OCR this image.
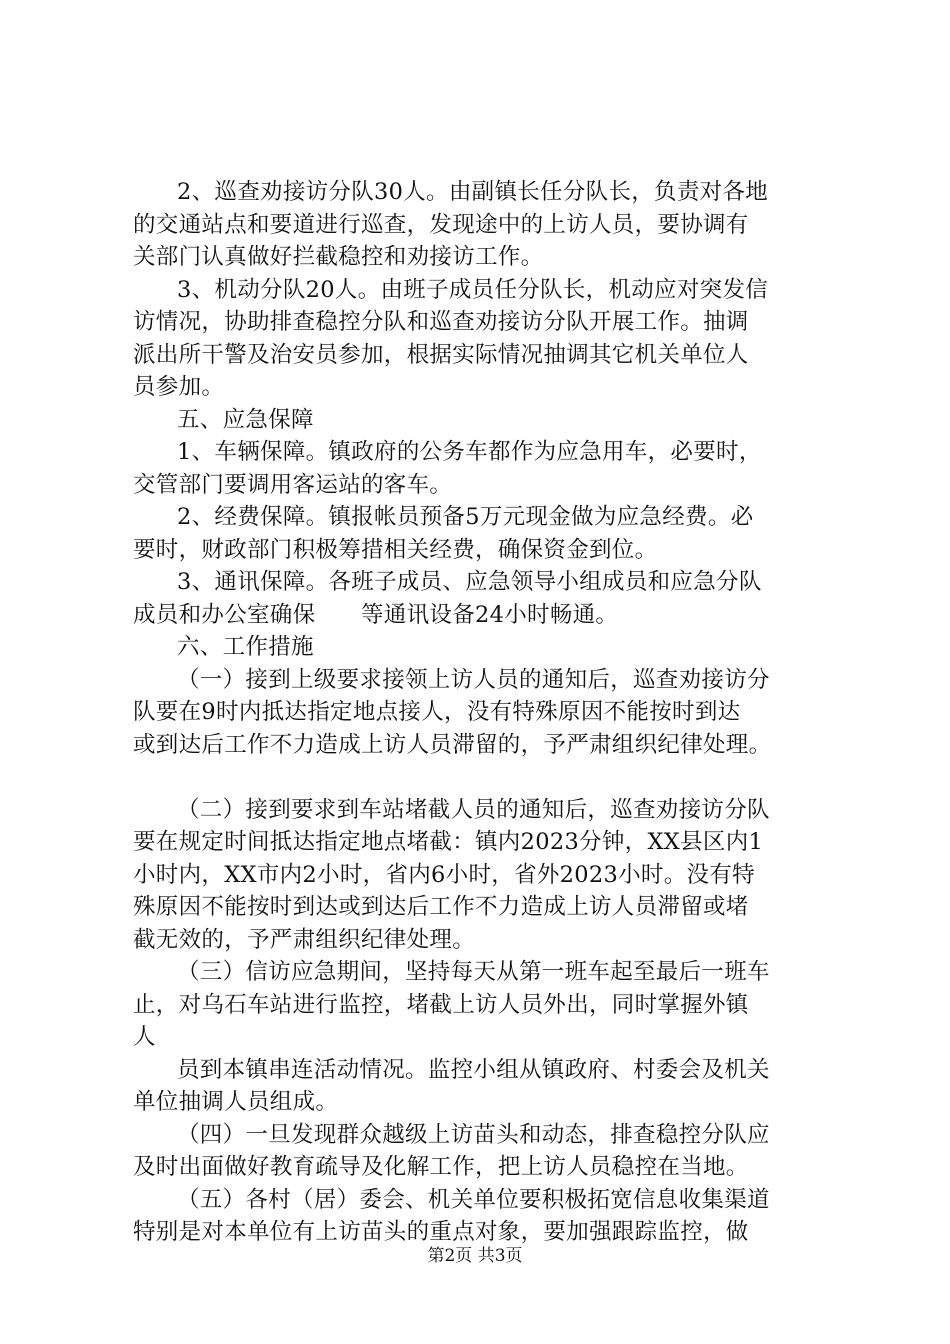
2、巡查劝接访分队30人。由副镇长任分队长，负责对各地
的交通站点和要道进行巡查，发现途中的上访人员，要协调有
关部门认真做好拦截稳控和劝接访工作。
3、机动分队20人。由班子成员任分队长，机动应对突发信
访情况，协助排查稳控分队和巡查劝接访分队开展工作。抽调
派出所干警及治安员参加，根据实际情况抽调其它机关单位人
员参加。
五、应急保障
1、车辆保障。镇政府的公务车都作为应急用车，必要时，
交管部门要调用客运站的客车。
2、经费保障。镇报帐员预备5万元现金做为应急经费。必
要时，财政部门积极筹措相关经费，确保资金到位。
3、通讯保障。各班子成员、应急领导小组成员和应急分队
成员和办公室确保　　等通讯设备24小时畅通。
六、工作措施
（一）接到上级要求接领上访人员的通知后，巡查劝接访分
队要在9时内抵达指定地点接人，没有特殊原因不能按时到达
或到达后工作不力造成上访人员滞留的，予严肃组织纪律处理。
（二）接到要求到车站堵截人员的通知后，巡查劝接访分队
要在规定时间抵达指定地点堵截：镇内2023分钟，XX县区内1
小时内，XX市内2小时，省内6小时，省外2023小时。没有特
殊原因不能按时到达或到达后工作不力造成上访人员滞留或堵
截无效的，予严肃组织纪律处理。
（三）信访应急期间，坚持每天从第一班车起至最后一班车
止，对乌石车站进行监控，堵截上访人员外出，同时掌握外镇
人
员到本镇串连活动情况。监控小组从镇政府、村委会及机关
单位抽调人员组成。
（四）一旦发现群众越级上访苗头和动态，排查稳控分队应
及时出面做好教育疏导及化解工作，把上访人员稳控在当地。
（五）各村（居）委会、机关单位要积极拓宽信息收集渠道
特别是对本单位有上访苗头的重点对象，要加强跟踪监控，做
第2页 共3页
